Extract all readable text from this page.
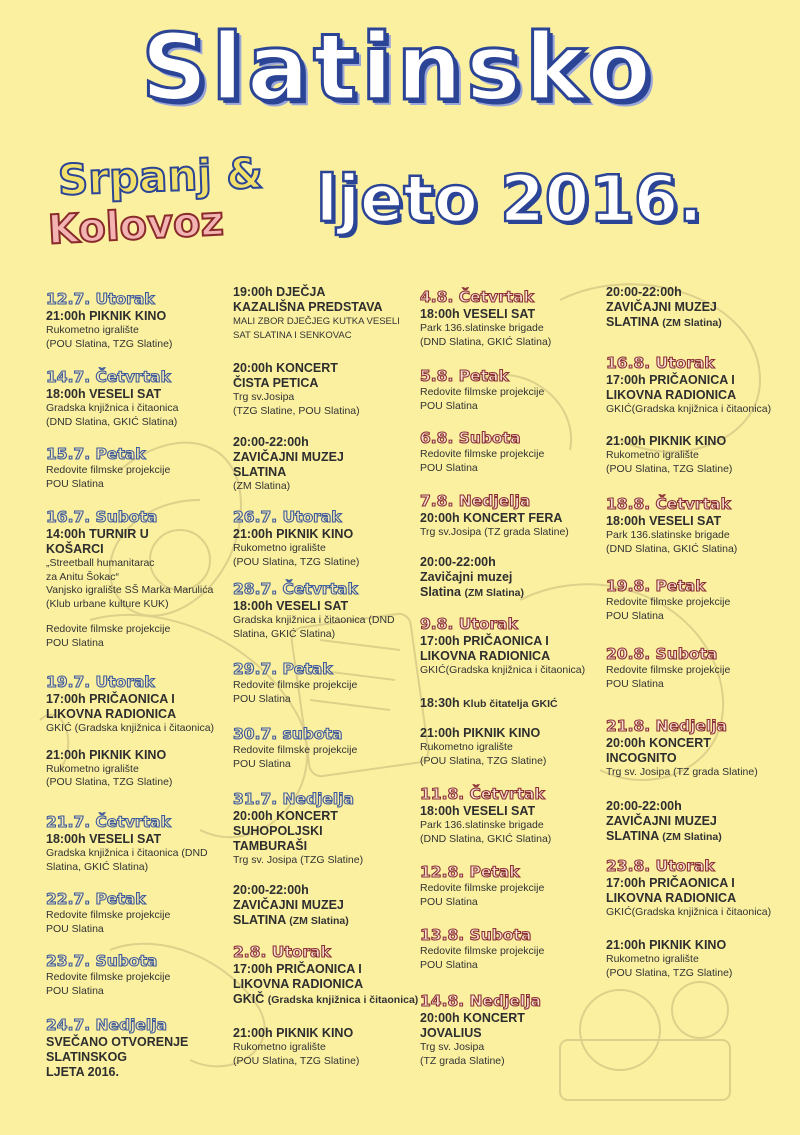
Slatinsko
Srpanj &
Kolovoz ljeto 2016.
12.7. Utorak
21:00h PIKNIK KINO
Rukometno igralište
(POU Slatina, TZG Slatine)
14.7. Četvrtak
18:00h VESELI SAT
Gradska knjižnica i čitaonica
(DND Slatina, GKIĆ Slatina)
15.7. Petak
Redovite filmske projekcije
POU Slatina
16.7. Subota
14:00h TURNIR U
KOŠARCI
„Streetball humanitarac
za Anitu Šokac“
Vanjsko igralište SŠ Marka Marulića
(Klub urbane kulture KUK)
Redovite filmske projekcije
POU Slatina
19.7. Utorak
17:00h PRIČAONICA I
LIKOVNA RADIONICA
GKIĆ (Gradska knjižnica i čitaonica)
21:00h PIKNIK KINO
Rukometno igralište
(POU Slatina, TZG Slatine)
21.7. Četvrtak
18:00h VESELI SAT
Gradska knjižnica i čitaonica (DND
Slatina, GKIĆ Slatina)
22.7. Petak
Redovite filmske projekcije
POU Slatina
23.7. Subota
Redovite filmske projekcije
POU Slatina
24.7. Nedjelja
SVEČANO OTVORENJE
SLATINSKOG
LJETA 2016.
19:00h DJEČJA
KAZALIŠNA PREDSTAVA
MALI ZBOR DJEČJEG KUTKA VESELI
SAT SLATINA I SENKOVAC
20:00h KONCERT
ČISTA PETICA
Trg sv.Josipa
(TZG Slatine, POU Slatina)
20:00-22:00h
ZAVIČAJNI MUZEJ
SLATINA
(ZM Slatina)
26.7. Utorak
21:00h PIKNIK KINO
Rukometno igralište
(POU Slatina, TZG Slatine)
28.7. Četvrtak
18:00h VESELI SAT
Gradska knjižnica i čitaonica (DND
Slatina, GKIĆ Slatina)
29.7. Petak
Redovite filmske projekcije
POU Slatina
30.7. subota
Redovite filmske projekcije
POU Slatina
31.7. Nedjelja
20:00h KONCERT
SUHOPOLJSKI
TAMBURAŠI
Trg sv. Josipa (TZG Slatine)
20:00-22:00h
ZAVIČAJNI MUZEJ
SLATINA (ZM Slatina)
2.8. Utorak
17:00h PRIČAONICA I
LIKOVNA RADIONICA
GKIČ (Gradska knjižnica i čitaonica)
21:00h PIKNIK KINO
Rukometno igralište
(POU Slatina, TZG Slatine)
4.8. Četvrtak
18:00h VESELI SAT
Park 136.slatinske brigade
(DND Slatina, GKIĆ Slatina)
5.8. Petak
Redovite filmske projekcije
POU Slatina
6.8. Subota
Redovite filmske projekcije
POU Slatina
7.8. Nedjelja
20:00h KONCERT FERA
Trg sv.Josipa (TZ grada Slatine)
20:00-22:00h
Zavičajni muzej
Slatina (ZM Slatina)
9.8. Utorak
17:00h PRIČAONICA I
LIKOVNA RADIONICA
GKIĆ(Gradska knjižnica i čitaonica)
18:30h Klub čitatelja GKIĆ
21:00h PIKNIK KINO
Rukometno igralište
(POU Slatina, TZG Slatine)
11.8. Četvrtak
18:00h VESELI SAT
Park 136.slatinske brigade
(DND Slatina, GKIĆ Slatina)
12.8. Petak
Redovite filmske projekcije
POU Slatina
13.8. Subota
Redovite filmske projekcije
POU Slatina
14.8. Nedjelja
20:00h KONCERT
JOVALIUS
Trg sv. Josipa
(TZ grada Slatine)
20:00-22:00h
ZAVIČAJNI MUZEJ
SLATINA (ZM Slatina)
16.8. Utorak
17:00h PRIČAONICA I
LIKOVNA RADIONICA
GKIĆ(Gradska knjižnica i čitaonica)
21:00h PIKNIK KINO
Rukometno igralište
(POU Slatina, TZG Slatine)
18.8. Četvrtak
18:00h VESELI SAT
Park 136.slatinske brigade
(DND Slatina, GKIĆ Slatina)
19.8. Petak
Redovite filmske projekcije
POU Slatina
20.8. Subota
Redovite filmske projekcije
POU Slatina
21.8. Nedjelja
20:00h KONCERT
INCOGNITO
Trg sv. Josipa (TZ grada Slatine)
20:00-22:00h
ZAVIČAJNI MUZEJ
SLATINA (ZM Slatina)
23.8. Utorak
17:00h PRIČAONICA I
LIKOVNA RADIONICA
GKIĆ(Gradska knjižnica i čitaonica)
21:00h PIKNIK KINO
Rukometno igralište
(POU Slatina, TZG Slatine)
